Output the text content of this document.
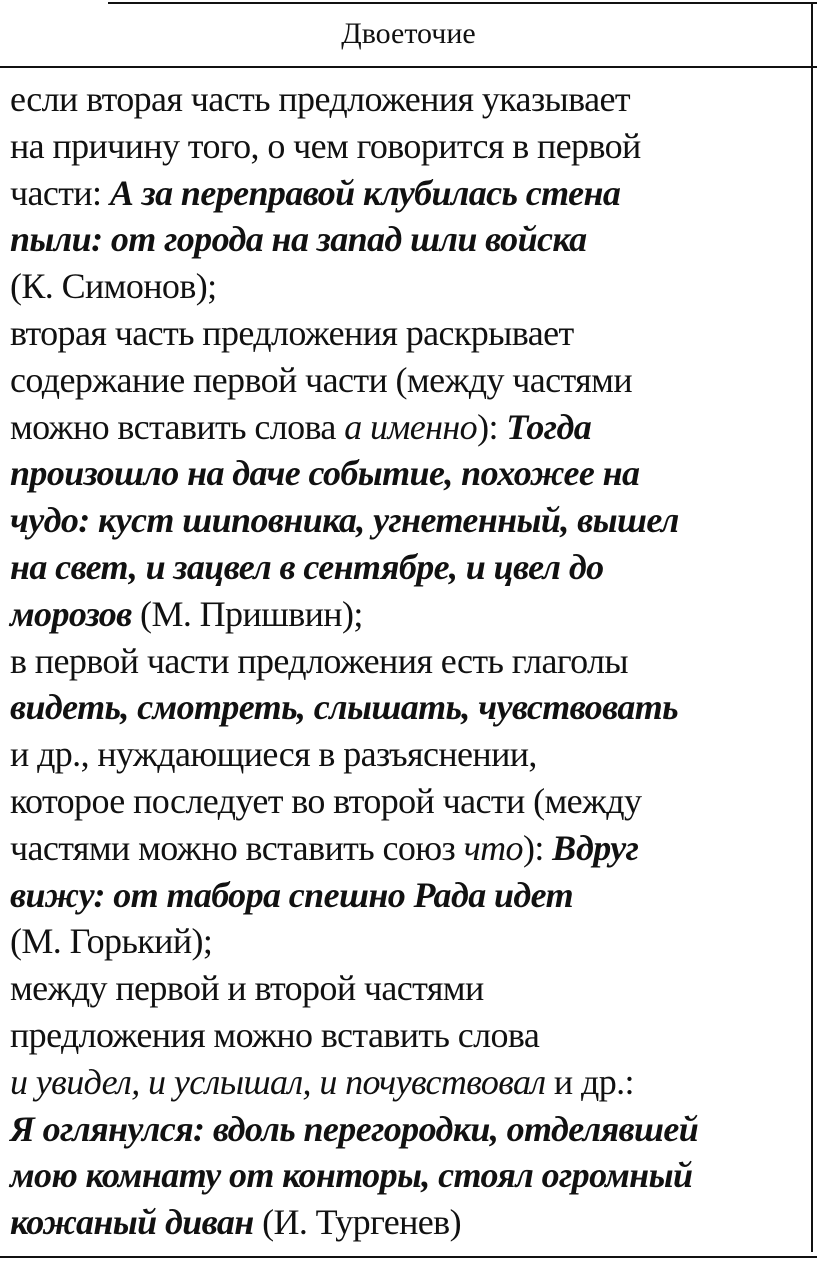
Двоеточие
если вторая часть предложения указывает
на причину того, о чем говорится в первой
части: А за переправой клубилась стена
пыли: от города на запад шли войска
(К. Симонов);
вторая часть предложения раскрывает
содержание первой части (между частями
можно вставить слова а именно): Тогда
произошло на даче событие, похожее на
чудо: куст шиповника, угнетенный, вышел
на свет, и зацвел в сентябре, и цвел до
морозов (М. Пришвин);
в первой части предложения есть глаголы
видеть, смотреть, слышать, чувствовать
и др., нуждающиеся в разъяснении,
которое последует во второй части (между
частями можно вставить союз что): Вдруг
вижу: от табора спешно Рада идет
(М. Горький);
между первой и второй частями
предложения можно вставить слова
и увидел, и услышал, и почувствовал и др.:
Я оглянулся: вдоль перегородки, отделявшей
мою комнату от конторы, стоял огромный
кожаный диван (И. Тургенев)
